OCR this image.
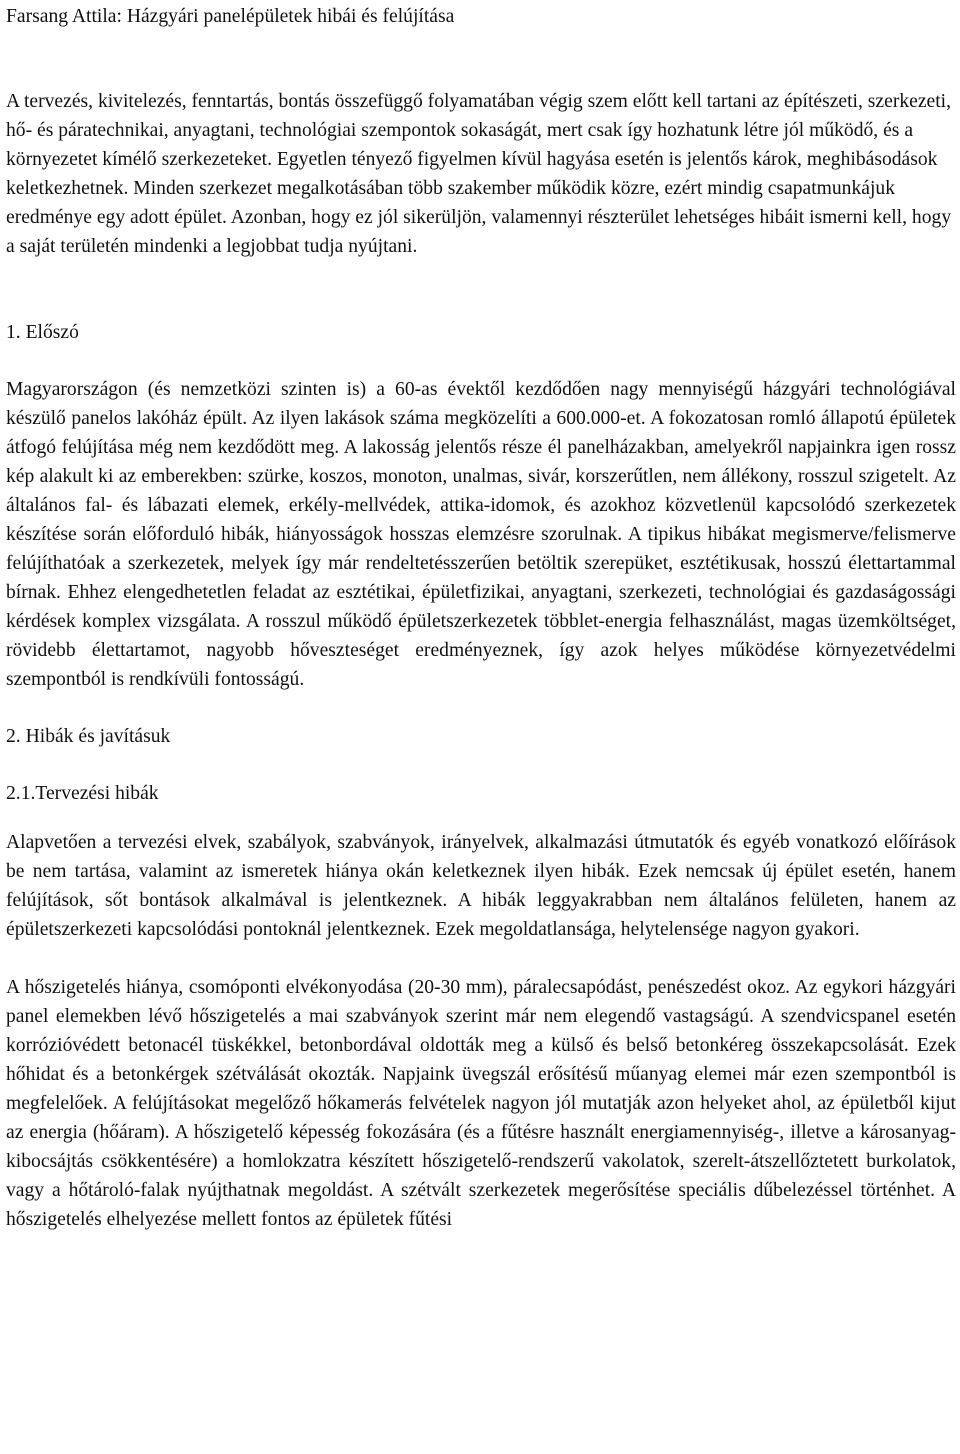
Farsang Attila: Házgyári panelépületek hibái és felújítása

A tervezés, kivitelezés, fenntartás, bontás összefüggő folyamatában végig szem előtt kell tartani az építészeti, szerkezeti, hő- és páratechnikai, anyagtani, technológiai szempontok sokaságát, mert csak így hozhatunk létre jól működő, és a környezetet kímélő szerkezeteket. Egyetlen tényező figyelmen kívül hagyása esetén is jelentős károk, meghibásodások keletkezhetnek. Minden szerkezet megalkotásában több szakember működik közre, ezért mindig csapatmunkájuk eredménye egy adott épület. Azonban, hogy ez jól sikerüljön, valamennyi részterület lehetséges hibáit ismerni kell, hogy a saját területén mindenki a legjobbat tudja nyújtani.

1. Előszó

Magyarországon (és nemzetközi szinten is) a 60-as évektől kezdődően nagy mennyiségű házgyári technológiával készülő panelos lakóház épült. Az ilyen lakások száma megközelíti a 600.000-et. A fokozatosan romló állapotú épületek átfogó felújítása még nem kezdődött meg. A lakosság jelentős része él panelházakban, amelyekről napjainkra igen rossz kép alakult ki az emberekben: szürke, koszos, monoton, unalmas, sivár, korszerűtlen, nem állékony, rosszul szigetelt. Az általános fal- és lábazati elemek, erkély-mellvédek, attika-idomok, és azokhoz közvetlenül kapcsolódó szerkezetek készítése során előforduló hibák, hiányosságok hosszas elemzésre szorulnak. A tipikus hibákat megismerve/felismerve felújíthatóak a szerkezetek, melyek így már rendeltetésszerűen betöltik szerepüket, esztétikusak, hosszú élettartammal bírnak. Ehhez elengedhetetlen feladat az esztétikai, épületfizikai, anyagtani, szerkezeti, technológiai és gazdaságossági kérdések komplex vizsgálata. A rosszul működő épületszerkezetek többlet-energia felhasználást, magas üzemköltséget, rövidebb élettartamot, nagyobb hőveszteséget eredményeznek, így azok helyes működése környezetvédelmi szempontból is rendkívüli fontosságú.

2. Hibák és javításuk
2.1.Tervezési hibák

Alapvetően a tervezési elvek, szabályok, szabványok, irányelvek, alkalmazási útmutatók és egyéb vonatkozó előírások be nem tartása, valamint az ismeretek hiánya okán keletkeznek ilyen hibák. Ezek nemcsak új épület esetén, hanem felújítások, sőt bontások alkalmával is jelentkeznek. A hibák leggyakrabban nem általános felületen, hanem az épületszerkezeti kapcsolódási pontoknál jelentkeznek. Ezek megoldatlansága, helytelensége nagyon gyakori.

A hőszigetelés hiánya, csomóponti elvékonyodása (20-30 mm), páralecsapódást, penészedést okoz. Az egykori házgyári panel elemekben lévő hőszigetelés a mai szabványok szerint már nem elegendő vastagságú. A szendvicspanel esetén korrózióvédett betonacél tüskékkel, betonbordával oldották meg a külső és belső betonkéreg összekapcsolását. Ezek hőhidat és a betonkérgek szétválását okozták. Napjaink üvegszál erősítésű műanyag elemei már ezen szempontból is megfelelőek. A felújításokat megelőző hőkamerás felvételek nagyon jól mutatják azon helyeket ahol, az épületből kijut az energia (hőáram). A hőszigetelő képesség fokozására (és a fűtésre használt energiamennyiség-, illetve a károsanyag-kibocsájtás csökkentésére) a homlokzatra készített hőszigetelő-rendszerű vakolatok, szerelt-átszellőztetett burkolatok, vagy a hőtároló-falak nyújthatnak megoldást. A szétvált szerkezetek megerősítése speciális dűbelezéssel történhet. A hőszigetelés elhelyezése mellett fontos az épületek fűtési
